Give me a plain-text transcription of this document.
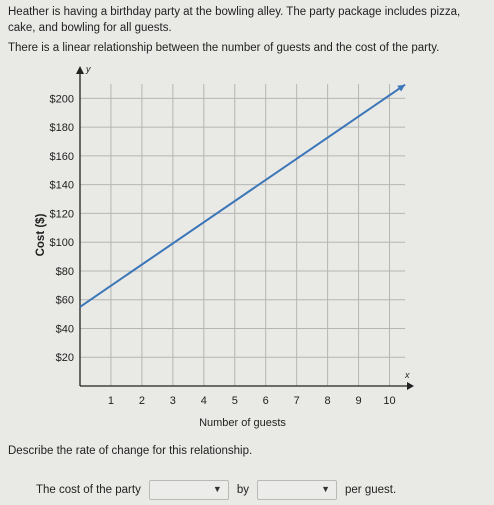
Heather is having a birthday party at the bowling alley. The party package includes pizza, cake, and bowling for all guests.

There is a linear relationship between the number of guests and the cost of the party.

y
x
$20
$40
$60
$80
$100
$120
$140
$160
$180
$200
1 2 3 4 5 6 7 8 9 10
Number of guests
Cost ($)

Describe the rate of change for this relationship.

The cost of the party	▼ by	▼ per guest.
